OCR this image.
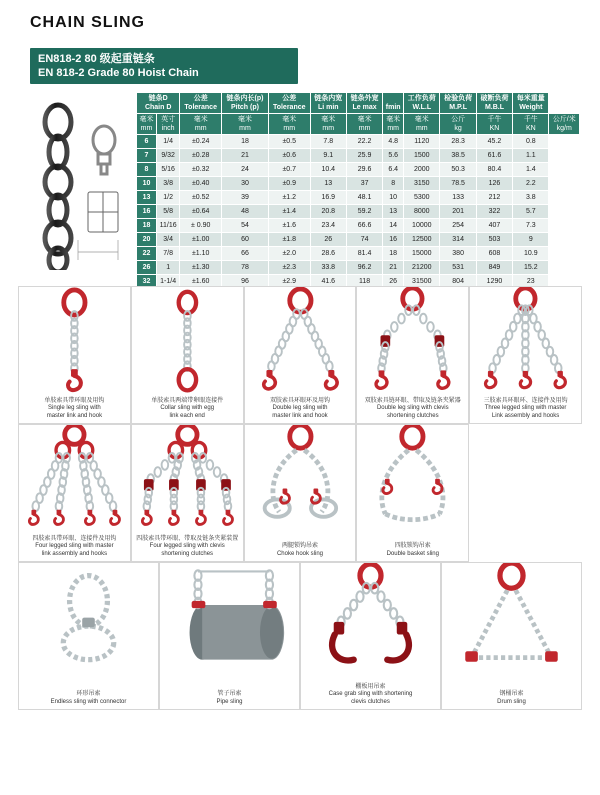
CHAIN SLING
EN818-2 80 级起重链条
EN 818-2 Grade 80 Hoist Chain
链条D
Chain D		公差
Tolerance	链条内长(p)
Pitch (p)	公差
Tolerance	链条内宽
Li min	链条外宽
Le max	fmin	工作负荷
W.L.L	检验负荷
M.P.L	破断负荷
M.B.L	每米重量
Weight	
毫米
mm	英寸
inch	毫米
mm	毫米
mm	毫米
mm	毫米
mm	毫米
mm	毫米
mm	毫米
mm	公斤
kg	千牛
KN	千牛
KN	公斤/米
kg/m
6	1/4	±0.24	18	±0.5	7.8	22.2	4.8	1120	28.3	45.2	0.8	
7	9/32	±0.28	21	±0.6	9.1	25.9	5.6	1500	38.5	61.6	1.1	
8	5/16	±0.32	24	±0.7	10.4	29.6	6.4	2000	50.3	80.4	1.4	
10	3/8	±0.40	30	±0.9	13	37	8	3150	78.5	126	2.2	
13	1/2	±0.52	39	±1.2	16.9	48.1	10	5300	133	212	3.8	
16	5/8	±0.64	48	±1.4	20.8	59.2	13	8000	201	322	5.7	
18	11/16	± 0.90	54	±1.6	23.4	66.6	14	10000	254	407	7.3	
20	3/4	±1.00	60	±1.8	26	74	16	12500	314	503	9	
22	7/8	±1.10	66	±2.0	28.6	81.4	18	15000	380	608	10.9	
26	1	±1.30	78	±2.3	33.8	96.2	21	21200	531	849	15.2	
32	1-1/4	±1.60	96	±2.9	41.6	118	26	31500	804	1290	23	
单肢索具带环眼及用钩
Single leg sling with
master link and hook
单肢索具两端带卵眼连接件
Collar sling with egg
link each end
双肢索具环眼环及用钩
Double leg sling with
master link and hook
双肢索具链环眼、带取及链条夹紧器
Double leg sling with clevis
shortening clutches
三肢索具环眼环、连接件及用钩
Three legged sling with master
Link assembly and hooks
四肢索具带环眼、连接件及用钩
Four legged sling with master
link assembly and hooks
四肢索具带环眼、带取及链条夹紧装置
Four legged sling with clevis
shortening clutches
两腿锁钩吊索
Choke hook sling
四肢锁钩吊索
Double basket sling
环形吊索
Endless sling with connector
管子吊索
Pipe sling
棚板用吊索
Case grab sling with shortening
clevis clutches
钢桶吊索
Drum sling
